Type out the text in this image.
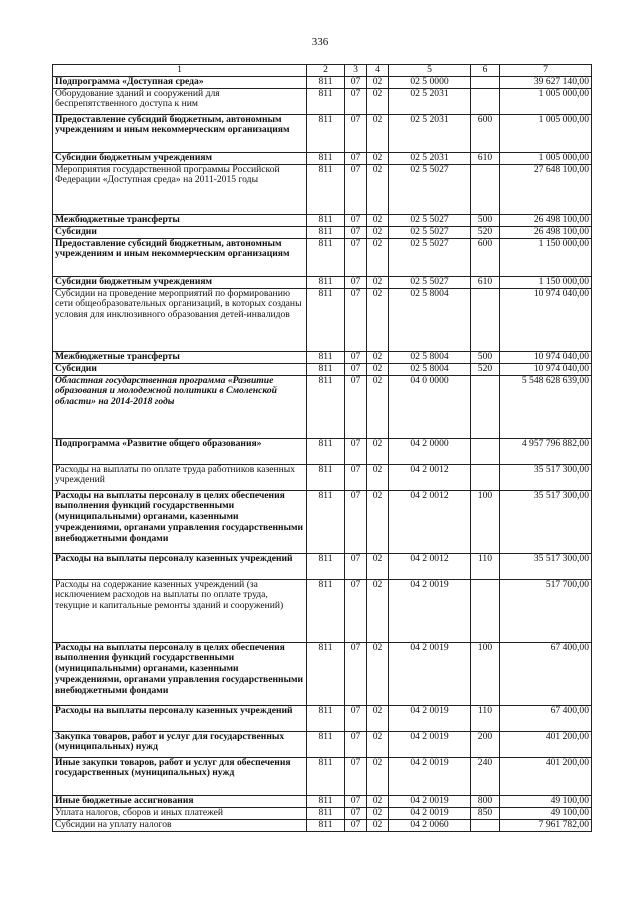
336
1	2	3	4	5	6	7
Подпрограмма «Доступная среда»	811	07	02	02 5 0000		39 627 140,00
Оборудование зданий и сооружений для беспрепятственного доступа к ним	811	07	02	02 5 2031		1 005 000,00
Предоставление субсидий бюджетным, автономным учреждениям и иным некоммерческим организациям	811	07	02	02 5 2031	600	1 005 000,00
Субсидии бюджетным учреждениям	811	07	02	02 5 2031	610	1 005 000,00
Мероприятия государственной программы Российской Федерации «Доступная среда» на 2011-2015 годы	811	07	02	02 5 5027		27 648 100,00
Межбюджетные трансферты	811	07	02	02 5 5027	500	26 498 100,00
Субсидии	811	07	02	02 5 5027	520	26 498 100,00
Предоставление субсидий бюджетным, автономным учреждениям и иным некоммерческим организациям	811	07	02	02 5 5027	600	1 150 000,00
Субсидии бюджетным учреждениям	811	07	02	02 5 5027	610	1 150 000,00
Субсидии на проведение мероприятий по формированию сети общеобразовательных организаций, в которых созданы условия для инклюзивного образования детей-инвалидов	811	07	02	02 5 8004		10 974 040,00
Межбюджетные трансферты	811	07	02	02 5 8004	500	10 974 040,00
Субсидии	811	07	02	02 5 8004	520	10 974 040,00
Областная государственная программа «Развитие образования и молодежной политики в Смоленской области» на 2014-2018 годы	811	07	02	04 0 0000		5 548 628 639,00
Подпрограмма «Развитие общего образования»	811	07	02	04 2 0000		4 957 796 882,00
Расходы на выплаты по оплате труда работников казенных учреждений	811	07	02	04 2 0012		35 517 300,00
Расходы на выплаты персоналу в целях обеспечения выполнения функций государственными (муниципальными) органами, казенными учреждениями, органами управления государственными внебюджетными фондами	811	07	02	04 2 0012	100	35 517 300,00
Расходы на выплаты персоналу казенных учреждений	811	07	02	04 2 0012	110	35 517 300,00
Расходы на содержание казенных учреждений (за исключением расходов на выплаты по оплате труда, текущие и капитальные ремонты зданий и сооружений)	811	07	02	04 2 0019		517 700,00
Расходы на выплаты персоналу в целях обеспечения выполнения функций государственными (муниципальными) органами, казенными учреждениями, органами управления государственными внебюджетными фондами	811	07	02	04 2 0019	100	67 400,00
Расходы на выплаты персоналу казенных учреждений	811	07	02	04 2 0019	110	67 400,00
Закупка товаров, работ и услуг для государственных (муниципальных) нужд	811	07	02	04 2 0019	200	401 200,00
Иные закупки товаров, работ и услуг для обеспечения государственных (муниципальных) нужд	811	07	02	04 2 0019	240	401 200,00
Иные бюджетные ассигнования	811	07	02	04 2 0019	800	49 100,00
Уплата налогов, сборов и иных платежей	811	07	02	04 2 0019	850	49 100,00
Субсидии на уплату налогов	811	07	02	04 2 0060		7 961 782,00
